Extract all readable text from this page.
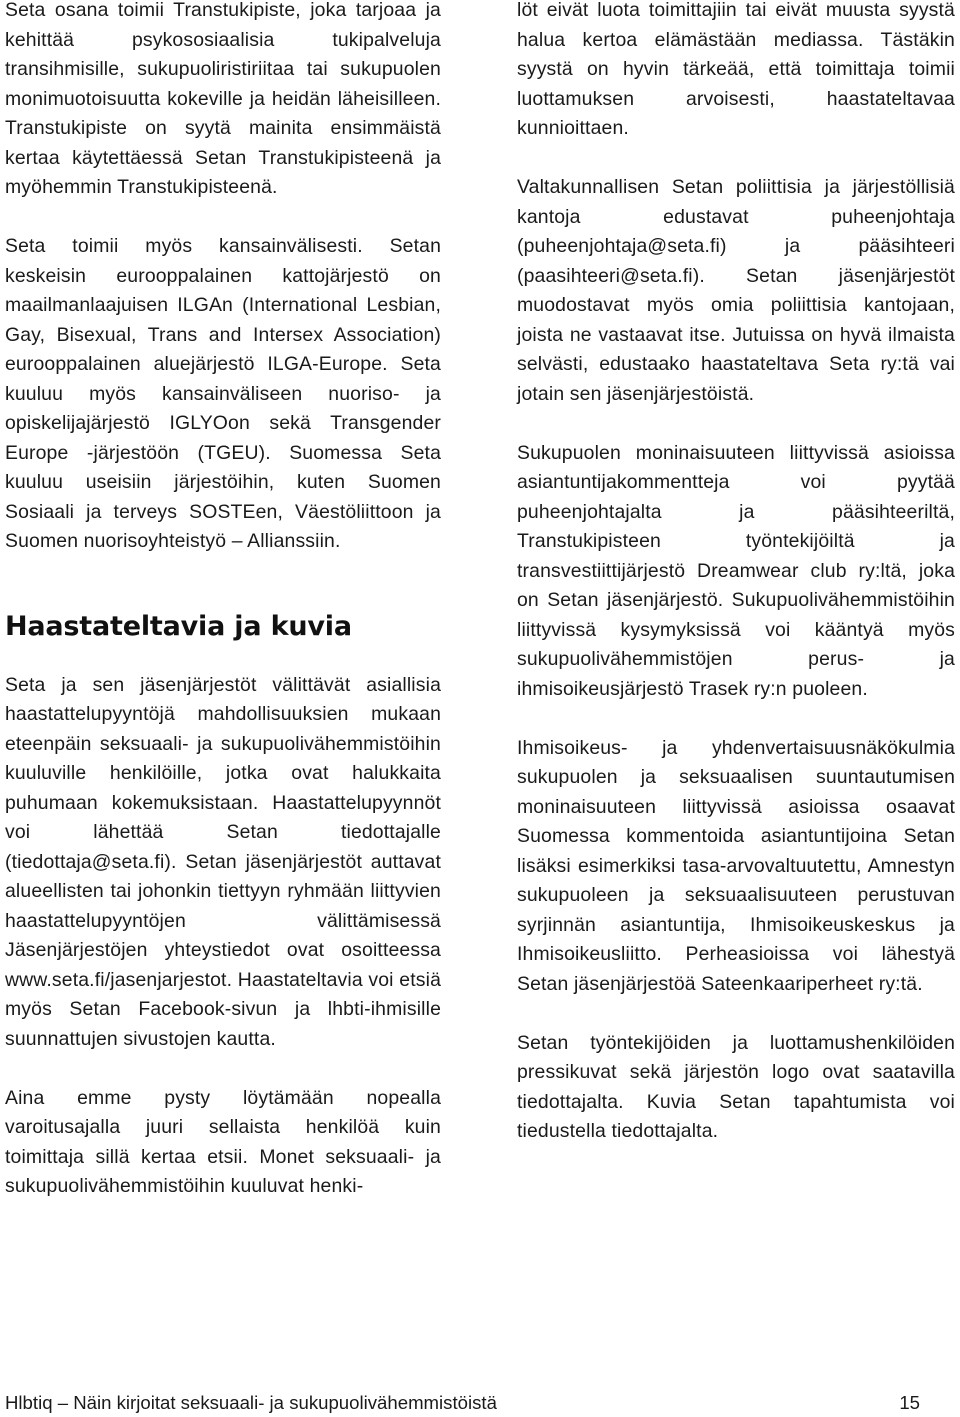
Seta osana toimii Transtukipiste, joka tarjoaa ja kehittää psykososiaalisia tukipalveluja transihmisille, sukupuoliristiriitaa tai sukupuolen monimuotoisuutta kokeville ja heidän läheisilleen. Transtukipiste on syytä mainita ensimmäistä kertaa käytettäessä Setan Transtukipisteenä ja myöhemmin Transtukipisteenä.

Seta toimii myös kansainvälisesti. Setan keskeisin eurooppalainen kattojärjestö on maailmanlaajuisen ILGAn (International Lesbian, Gay, Bisexual, Trans and Intersex Association) eurooppalainen aluejärjestö ILGA-Europe. Seta kuuluu myös kansainväliseen nuoriso- ja opiskelijajärjestö IGLYOon sekä Transgender Europe -järjestöön (TGEU). Suomessa Seta kuuluu useisiin järjestöihin, kuten Suomen Sosiaali ja terveys SOSTEen, Väestöliittoon ja Suomen nuorisoyhteistyö – Allianssiin.

Haastateltavia ja kuvia

Seta ja sen jäsenjärjestöt välittävät asiallisia haastattelupyyntöjä mahdollisuuksien mukaan eteenpäin seksuaali- ja sukupuolivähemmistöihin kuuluville henkilöille, jotka ovat halukkaita puhumaan kokemuksistaan. Haastattelupyynnöt voi lähettää Setan tiedottajalle (tiedottaja@seta.fi). Setan jäsenjärjestöt auttavat alueellisten tai johonkin tiettyyn ryhmään liittyvien haastattelupyyntöjen välittämisessä Jäsenjärjestöjen yhteystiedot ovat osoitteessa www.seta.fi/jasenjarjestot. Haastateltavia voi etsiä myös Setan Facebook-sivun ja lhbti-ihmisille suunnattujen sivustojen kautta.

Aina emme pysty löytämään nopealla varoitusajalla juuri sellaista henkilöä kuin toimittaja sillä kertaa etsii. Monet seksuaali- ja sukupuolivähemmistöihin kuuluvat henki-

löt eivät luota toimittajiin tai eivät muusta syystä halua kertoa elämästään mediassa. Tästäkin syystä on hyvin tärkeää, että toimittaja toimii luottamuksen arvoisesti, haastateltavaa kunnioittaen.

Valtakunnallisen Setan poliittisia ja järjestöllisiä kantoja edustavat puheenjohtaja (puheenjohtaja@seta.fi) ja pääsihteeri (paasihteeri@seta.fi). Setan jäsenjärjestöt muodostavat myös omia poliittisia kantojaan, joista ne vastaavat itse. Jutuissa on hyvä ilmaista selvästi, edustaako haastateltava Seta ry:tä vai jotain sen jäsenjärjestöistä.

Sukupuolen moninaisuuteen liittyvissä asioissa asiantuntijakommentteja voi pyytää puheenjohtajalta ja pääsihteeriltä, Transtukipisteen työntekijöiltä ja transvestiittijärjestö Dreamwear club ry:ltä, joka on Setan jäsenjärjestö. Sukupuolivähemmistöihin liittyvissä kysymyksissä voi kääntyä myös sukupuolivähemmistöjen perus- ja ihmisoikeusjärjestö Trasek ry:n puoleen.

Ihmisoikeus- ja yhdenvertaisuusnäkökulmia sukupuolen ja seksuaalisen suuntautumisen moninaisuuteen liittyvissä asioissa osaavat Suomessa kommentoida asiantuntijoina Setan lisäksi esimerkiksi tasa-arvovaltuutettu, Amnestyn sukupuoleen ja seksuaalisuuteen perustuvan syrjinnän asiantuntija, Ihmisoikeuskeskus ja Ihmisoikeusliitto. Perheasioissa voi lähestyä Setan jäsenjärjestöä Sateenkaariperheet ry:tä.

Setan työntekijöiden ja luottamushenkilöiden pressikuvat sekä järjestön logo ovat saatavilla tiedottajalta. Kuvia Setan tapahtumista voi tiedustella tiedottajalta.

Hlbtiq – Näin kirjoitat seksuaali- ja sukupuolivähemmistöistä	15
